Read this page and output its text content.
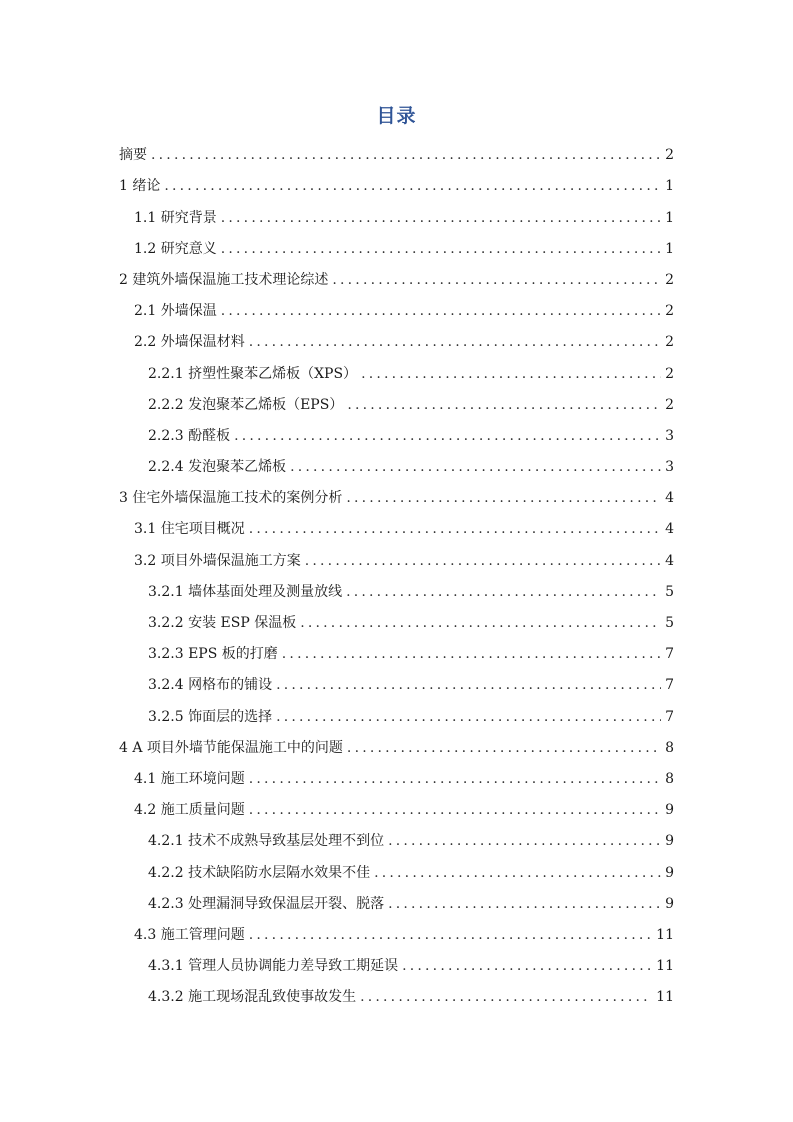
目录
摘要 .....	2
1 绪论 .....	1
1.1 研究背景 .....	1
1.2 研究意义 .....	1
2 建筑外墙保温施工技术理论综述 .....	2
2.1 外墙保温 .....	2
2.2 外墙保温材料 .....	2
2.2.1 挤塑性聚苯乙烯板（XPS） .....	2
2.2.2 发泡聚苯乙烯板（EPS） .....	2
2.2.3 酚醛板 .....	3
2.2.4 发泡聚苯乙烯板 .....	3
3 住宅外墙保温施工技术的案例分析 .....	4
3.1 住宅项目概况 .....	4
3.2 项目外墙保温施工方案 .....	4
3.2.1 墙体基面处理及测量放线 .....	5
3.2.2 安装 ESP 保温板 .....	5
3.2.3 EPS 板的打磨 .....	7
3.2.4 网格布的铺设 .....	7
3.2.5 饰面层的选择 .....	7
4 A 项目外墙节能保温施工中的问题 .....	8
4.1 施工环境问题 .....	8
4.2 施工质量问题 .....	9
4.2.1 技术不成熟导致基层处理不到位 .....	9
4.2.2 技术缺陷防水层隔水效果不佳 .....	9
4.2.3 处理漏洞导致保温层开裂、脱落 .....	9
4.3 施工管理问题 .....	11
4.3.1 管理人员协调能力差导致工期延误 .....	11
4.3.2 施工现场混乱致使事故发生 .....	11
